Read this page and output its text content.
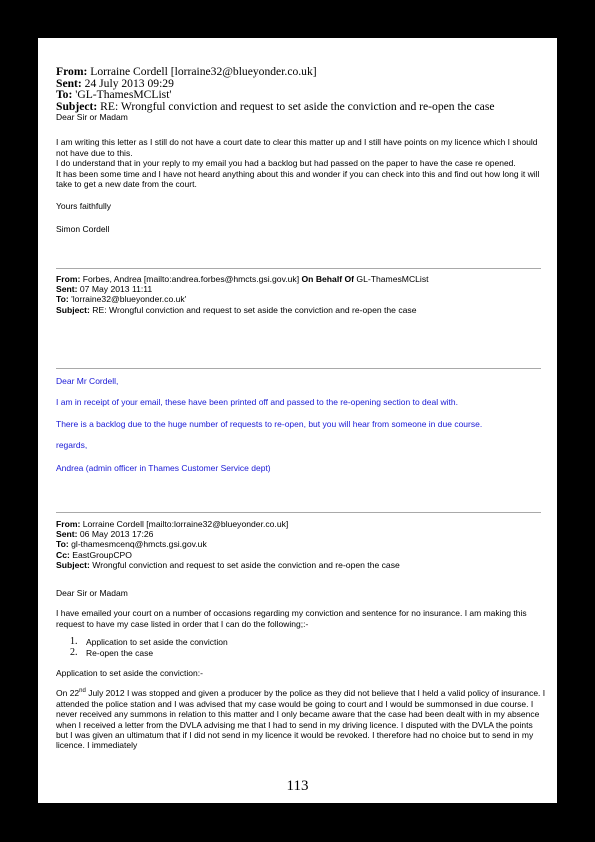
From: Lorraine Cordell [lorraine32@blueyonder.co.uk]
Sent: 24 July 2013 09:29
To: 'GL-ThamesMCList'
Subject: RE: Wrongful conviction and request to set aside the conviction and re-open the case

Dear Sir or Madam

I am writing this letter as I still do not have a court date to clear this matter up and I still have points on my licence which I should not have due to this.

I do understand that in your reply to my email you had a backlog but had passed on the paper to have the case re opened.

It has been some time and I have not heard anything about this and wonder if you can check into this and find out how long it will take to get a new date from the court.

Yours faithfully

Simon Cordell

From: Forbes, Andrea [mailto:andrea.forbes@hmcts.gsi.gov.uk] On Behalf Of GL-ThamesMCList
Sent: 07 May 2013 11:11
To: 'lorraine32@blueyonder.co.uk'
Subject: RE: Wrongful conviction and request to set aside the conviction and re-open the case

Dear Mr Cordell,

I am in receipt of your email, these have been printed off and passed to the re-opening section to deal with.

There is a backlog due to the huge number of requests to re-open, but you will hear from someone in due course.

regards,

Andrea (admin officer in Thames Customer Service dept)

From: Lorraine Cordell [mailto:lorraine32@blueyonder.co.uk]
Sent: 06 May 2013 17:26
To: gl-thamesmcenq@hmcts.gsi.gov.uk
Cc: EastGroupCPO
Subject: Wrongful conviction and request to set aside the conviction and re-open the case

Dear Sir or Madam

I have emailed your court on a number of occasions regarding my conviction and sentence for no insurance. I am making this request to have my case listed in order that I can do the following;:-

1. Application to set aside the conviction
2. Re-open the case

Application to set aside the conviction:-

On 22nd July 2012 I was stopped and given a producer by the police as they did not believe that I held a valid policy of insurance. I attended the police station and I was advised that my case would be going to court and I would be summonsed in due course. I never received any summons in relation to this matter and I only became aware that the case had been dealt with in my absence when I received a letter from the DVLA advising me that I had to send in my driving licence. I disputed with the DVLA the points but I was given an ultimatum that if I did not send in my licence it would be revoked. I therefore had no choice but to send in my licence. I immediately

113
